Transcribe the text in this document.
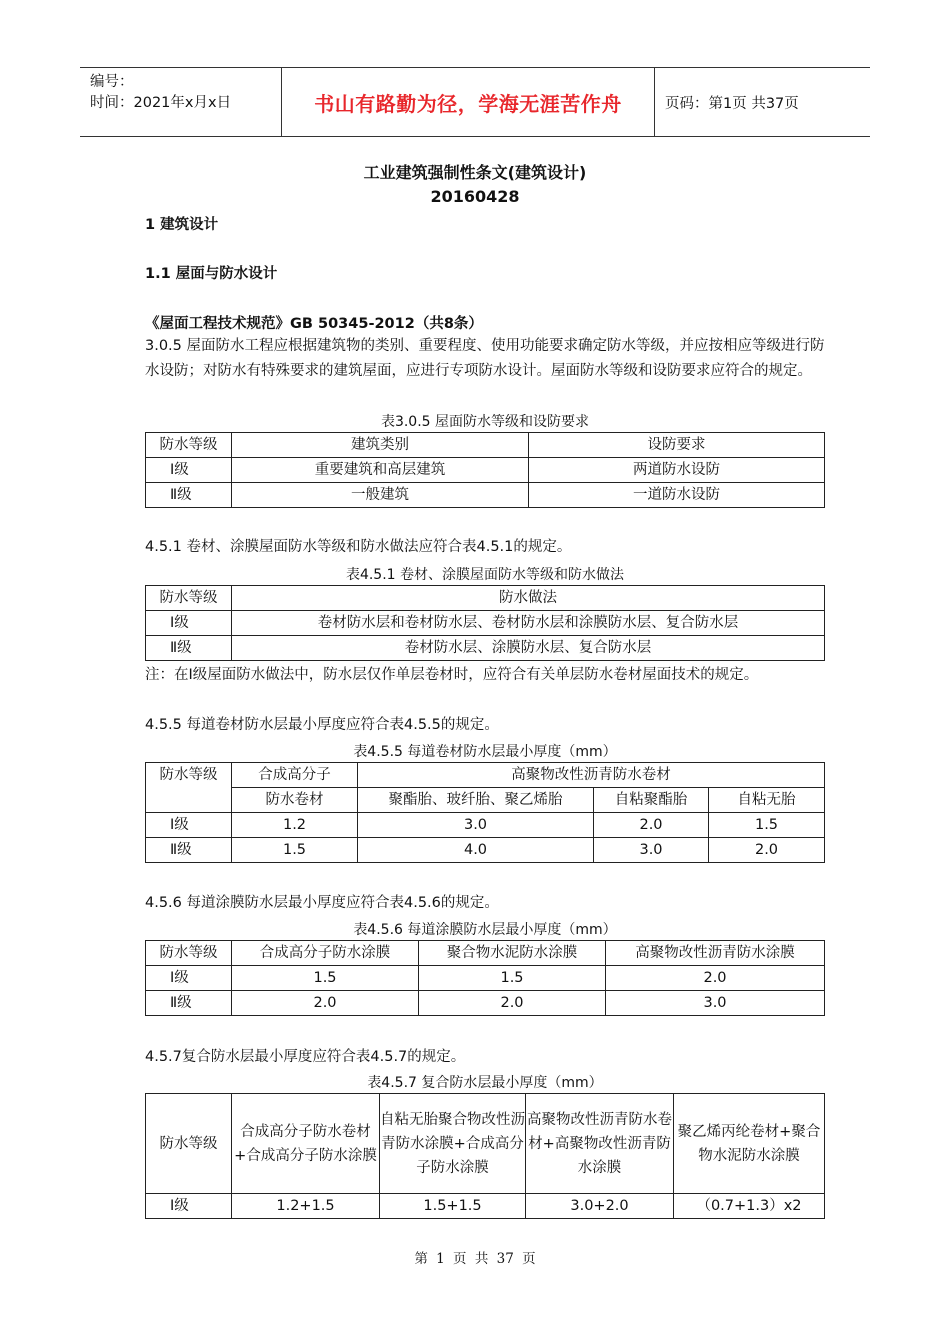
编号：
时间：2021年x月x日	书山有路勤为径，学海无涯苦作舟	页码：第1页 共37页
工业建筑强制性条文(建筑设计)
20160428
1 建筑设计
1.1 屋面与防水设计
《屋面工程技术规范》GB 50345-2012（共8条）
3.0.5 屋面防水工程应根据建筑物的类别、重要程度、使用功能要求确定防水等级，并应按相应等级进行防水设防；对防水有特殊要求的建筑屋面，应进行专项防水设计。屋面防水等级和设防要求应符合的规定。
表3.0.5 屋面防水等级和设防要求
防水等级	建筑类别	设防要求
Ⅰ级	重要建筑和高层建筑	两道防水设防
Ⅱ级	一般建筑	一道防水设防
4.5.1 卷材、涂膜屋面防水等级和防水做法应符合表4.5.1的规定。
表4.5.1 卷材、涂膜屋面防水等级和防水做法
防水等级	防水做法
Ⅰ级	卷材防水层和卷材防水层、卷材防水层和涂膜防水层、复合防水层
Ⅱ级	卷材防水层、涂膜防水层、复合防水层
注：在Ⅰ级屋面防水做法中，防水层仅作单层卷材时，应符合有关单层防水卷材屋面技术的规定。
4.5.5 每道卷材防水层最小厚度应符合表4.5.5的规定。
表4.5.5 每道卷材防水层最小厚度（mm）
防水等级	合成高分子	高聚物改性沥青防水卷材		
	防水卷材	聚酯胎、玻纤胎、聚乙烯胎	自粘聚酯胎	自粘无胎
Ⅰ级	1.2	3.0	2.0	1.5
Ⅱ级	1.5	4.0	3.0	2.0
4.5.6 每道涂膜防水层最小厚度应符合表4.5.6的规定。
表4.5.6 每道涂膜防水层最小厚度（mm）
防水等级	合成高分子防水涂膜	聚合物水泥防水涂膜	高聚物改性沥青防水涂膜
Ⅰ级	1.5	1.5	2.0
Ⅱ级	2.0	2.0	3.0
4.5.7复合防水层最小厚度应符合表4.5.7的规定。
表4.5.7 复合防水层最小厚度（mm）
防水等级	合成高分子防水卷材+合成高分子防水涂膜	自粘无胎聚合物改性沥青防水涂膜+合成高分子防水涂膜	高聚物改性沥青防水卷材+高聚物改性沥青防水涂膜	聚乙烯丙纶卷材+聚合物水泥防水涂膜
Ⅰ级	1.2+1.5	1.5+1.5	3.0+2.0	（0.7+1.3）x2
第 1 页 共 37 页
